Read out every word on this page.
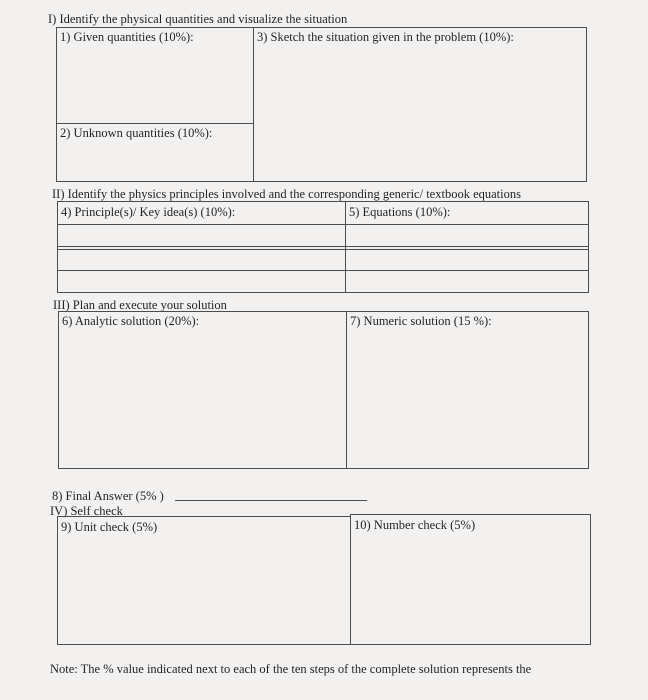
I) Identify the physical quantities and visualize the situation
1) Given quantities (10%):	3) Sketch the situation given in the problem (10%):
2) Unknown quantities (10%):
II) Identify the physics principles involved and the corresponding generic/ textbook equations
4) Principle(s)/ Key idea(s) (10%):	5) Equations (10%):
III) Plan and execute your solution
6) Analytic solution (20%):	7) Numeric solution (15 %):
8) Final Answer (5% )
IV) Self check
9) Unit check (5%)	10) Number check (5%)
Note: The % value indicated next to each of the ten steps of the complete solution represents the
